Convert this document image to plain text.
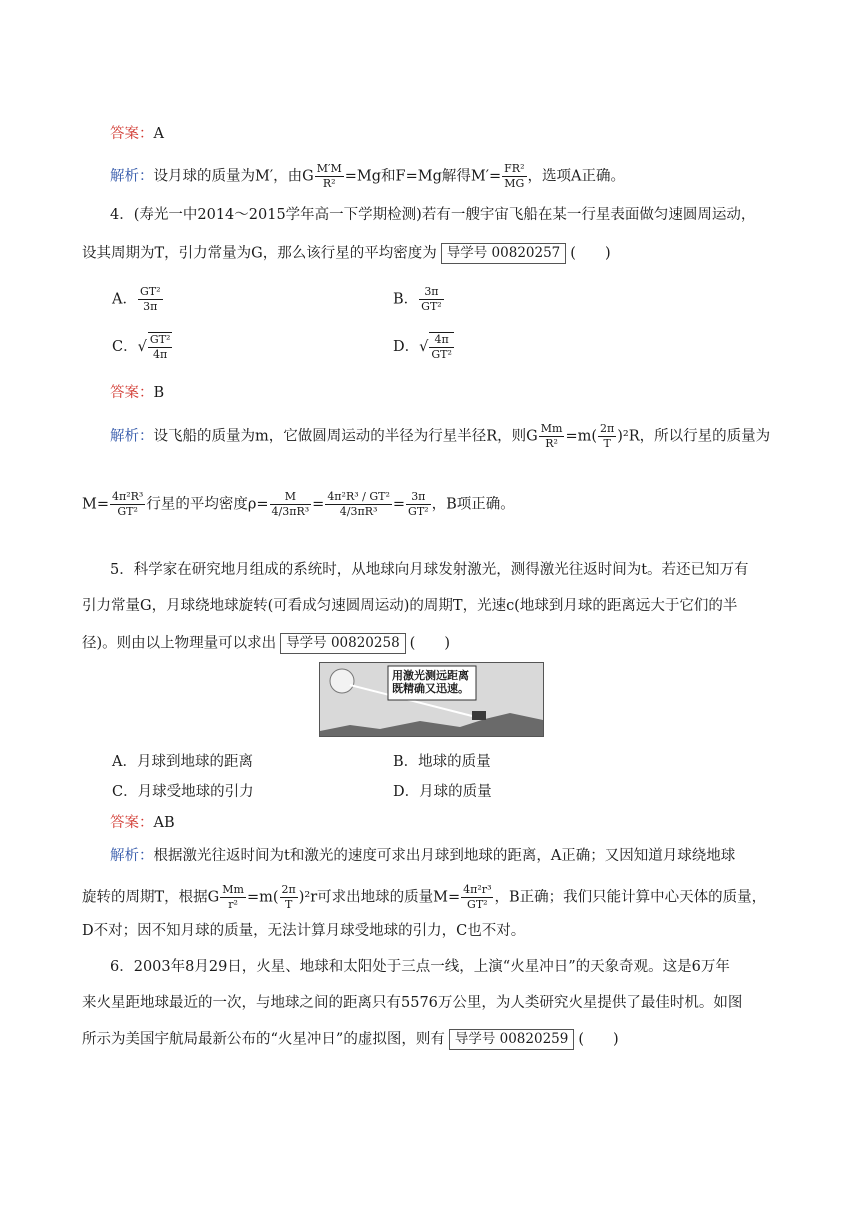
答案：A
解析：设月球的质量为M′，由G $\frac{M'M}{\text{R²}} =Mg$和F=Mg解得$M'= \frac{\text{FR²}}{MG}$ ，选项A正确。
4．(寿光一中2014～2015学年高一下学期检测)若有一艘宇宙飞船在某一行星表面做匀速圆周运动，
设其周期为T，引力常量为G，那么该行星的平均密度为 导学号 00820257 (　　)
A． $\frac{\text{GT²}}{3\pi}$	B． $\frac{3\pi}{\text{GT²}}$
C．√ $\frac{\text{GT²}}{4\pi}$	D．√ $\frac{4\pi}{\text{GT²}}$
答案：B
解析：设飞船的质量为m，它做圆周运动的半径为行星半径R，则G $\frac{Mm}{\text{R²}} =m( \frac{2\pi}{T} )^2R$，所以行星的质量为
$M= \frac{\text{4π²R³}}{\text{GT²}}$ 行星的平均密度$\rho= \frac{M}{\text{4/3πR³}} = \frac{\text{4π²R³ / GT²}}{\text{4/3πR³}} = \frac{3\pi}{\text{GT²}}$ ，B项正确。
5．科学家在研究地月组成的系统时，从地球向月球发射激光，测得激光往返时间为t。若还已知万有
引力常量G，月球绕地球旋转(可看成匀速圆周运动)的周期T，光速c(地球到月球的距离远大于它们的半
径)。则由以上物理量可以求出 导学号 00820258 (　　)
用激光测远距离既精确又迅速。
A．月球到地球的距离	B．地球的质量
C．月球受地球的引力	D．月球的质量
答案：AB
解析：根据激光往返时间为t和激光的速度可求出月球到地球的距离，A正确；又因知道月球绕地球
旋转的周期T，根据G $\frac{Mm}{\text{r²}} =m( \frac{2\pi}{T} )^2r$可求出地球的质量$M= \frac{\text{4π²r³}}{\text{GT²}}$ ，B正确；我们只能计算中心天体的质量，
D不对；因不知月球的质量，无法计算月球受地球的引力，C也不对。
6．2003年8月29日，火星、地球和太阳处于三点一线，上演“火星冲日”的天象奇观。这是6万年
来火星距地球最近的一次，与地球之间的距离只有5576万公里，为人类研究火星提供了最佳时机。如图
所示为美国宇航局最新公布的“火星冲日”的虚拟图，则有 导学号 00820259 (　　)
